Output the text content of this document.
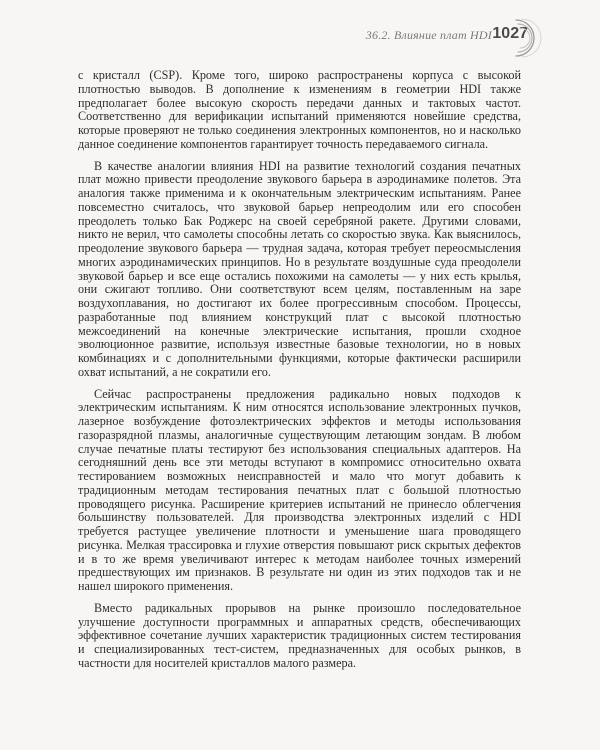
36.2. Влияние плат HDI 1027

с кристалл (CSP). Кроме того, широко распространены корпуса с высокой плотностью выводов. В дополнение к изменениям в геометрии HDI также предполагает более высокую скорость передачи данных и тактовых частот. Соответственно для верификации испытаний применяются новейшие средства, которые проверяют не только соединения электронных компонентов, но и насколько данное соединение компонентов гарантирует точность передаваемого сигнала.

В качестве аналогии влияния HDI на развитие технологий создания печатных плат можно привести преодоление звукового барьера в аэродинамике полетов. Эта аналогия также применима и к окончательным электрическим испытаниям. Ранее повсеместно считалось, что звуковой барьер непреодолим или его способен преодолеть только Бак Роджерс на своей серебряной ракете. Другими словами, никто не верил, что самолеты способны летать со скоростью звука. Как выяснилось, преодоление звукового барьера — трудная задача, которая требует переосмысления многих аэродинамических принципов. Но в результате воздушные суда преодолели звуковой барьер и все еще остались похожими на самолеты — у них есть крылья, они сжигают топливо. Они соответствуют всем целям, поставленным на заре воздухоплавания, но достигают их более прогрессивным способом. Процессы, разработанные под влиянием конструкций плат с высокой плотностью межсоединений на конечные электрические испытания, прошли сходное эволюционное развитие, используя известные базовые технологии, но в новых комбинациях и с дополнительными функциями, которые фактически расширили охват испытаний, а не сократили его.

Сейчас распространены предложения радикально новых подходов к электрическим испытаниям. К ним относятся использование электронных пучков, лазерное возбуждение фотоэлектрических эффектов и методы использования газоразрядной плазмы, аналогичные существующим летающим зондам. В любом случае печатные платы тестируют без использования специальных адаптеров. На сегодняшний день все эти методы вступают в компромисс относительно охвата тестированием возможных неисправностей и мало что могут добавить к традиционным методам тестирования печатных плат с большой плотностью проводящего рисунка. Расширение критериев испытаний не принесло облегчения большинству пользователей. Для производства электронных изделий с HDI требуется растущее увеличение плотности и уменьшение шага проводящего рисунка. Мелкая трассировка и глухие отверстия повышают риск скрытых дефектов и в то же время увеличивают интерес к методам наиболее точных измерений предшествующих им признаков. В результате ни один из этих подходов так и не нашел широкого применения.

Вместо радикальных прорывов на рынке произошло последовательное улучшение доступности программных и аппаратных средств, обеспечивающих эффективное сочетание лучших характеристик традиционных систем тестирования и специализированных тест-систем, предназначенных для особых рынков, в частности для носителей кристаллов малого размера.
